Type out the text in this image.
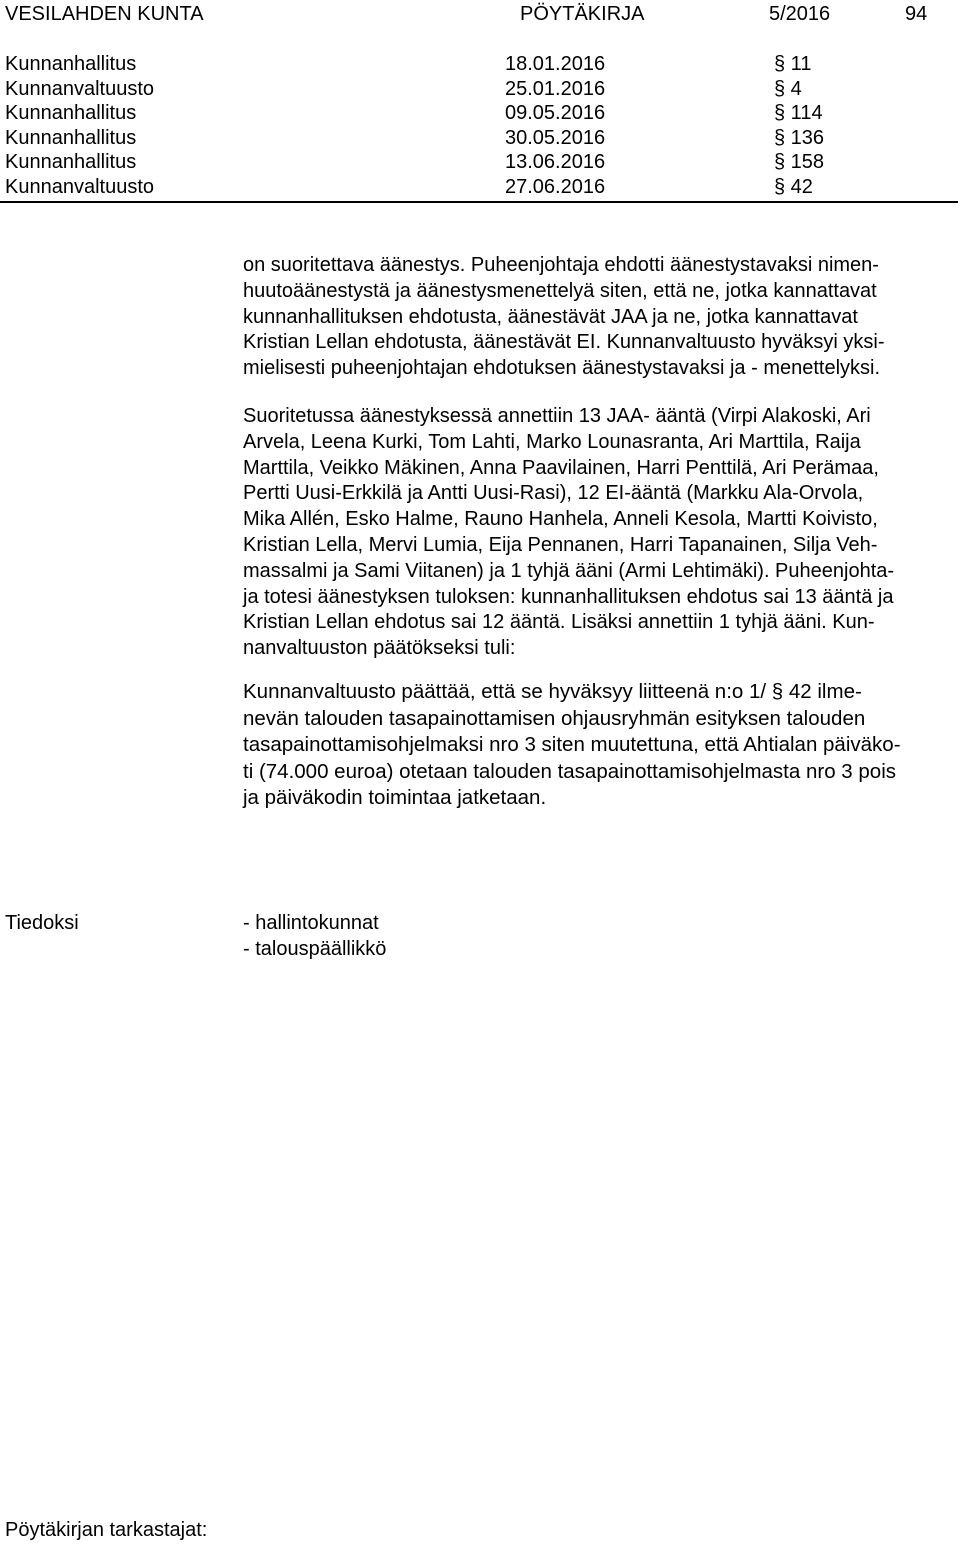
VESILAHDEN KUNTA	PÖYTÄKIRJA	5/2016	94
Kunnanhallitus	18.01.2016	§ 11
Kunnanvaltuusto	25.01.2016	§ 4
Kunnanhallitus	09.05.2016	§ 114
Kunnanhallitus	30.05.2016	§ 136
Kunnanhallitus	13.06.2016	§ 158
Kunnanvaltuusto	27.06.2016	§ 42
on suoritettava äänestys. Puheenjohtaja ehdotti äänestystavaksi nimen-
huutoäänestystä ja äänestysmenettelyä siten, että ne, jotka kannattavat
kunnanhallituksen ehdotusta, äänestävät JAA ja ne, jotka kannattavat
Kristian Lellan ehdotusta, äänestävät EI. Kunnanvaltuusto hyväksyi yksi-
mielisesti puheenjohtajan ehdotuksen äänestystavaksi ja - menettelyksi.
Suoritetussa äänestyksessä annettiin 13 JAA- ääntä (Virpi Alakoski, Ari
Arvela, Leena Kurki, Tom Lahti, Marko Lounasranta, Ari Marttila, Raija
Marttila, Veikko Mäkinen, Anna Paavilainen, Harri Penttilä, Ari Perämaa,
Pertti Uusi-Erkkilä ja Antti Uusi-Rasi), 12 EI-ääntä (Markku Ala-Orvola,
Mika Allén, Esko Halme, Rauno Hanhela, Anneli Kesola, Martti Koivisto,
Kristian Lella, Mervi Lumia, Eija Pennanen, Harri Tapanainen, Silja Veh-
massalmi ja Sami Viitanen) ja 1 tyhjä ääni (Armi Lehtimäki). Puheenjohta-
ja totesi äänestyksen tuloksen: kunnanhallituksen ehdotus sai 13 ääntä ja
Kristian Lellan ehdotus sai 12 ääntä. Lisäksi annettiin 1 tyhjä ääni. Kun-
nanvaltuuston päätökseksi tuli:
Kunnanvaltuusto päättää, että se hyväksyy liitteenä n:o 1/ § 42 ilme-
nevän talouden tasapainottamisen ohjausryhmän esityksen talouden
tasapainottamisohjelmaksi nro 3 siten muutettuna, että Ahtialan päiväko-
ti (74.000 euroa) otetaan talouden tasapainottamisohjelmasta nro 3 pois
ja päiväkodin toimintaa jatketaan.
Tiedoksi	- hallintokunnat
- talouspäällikkö
Pöytäkirjan tarkastajat:
